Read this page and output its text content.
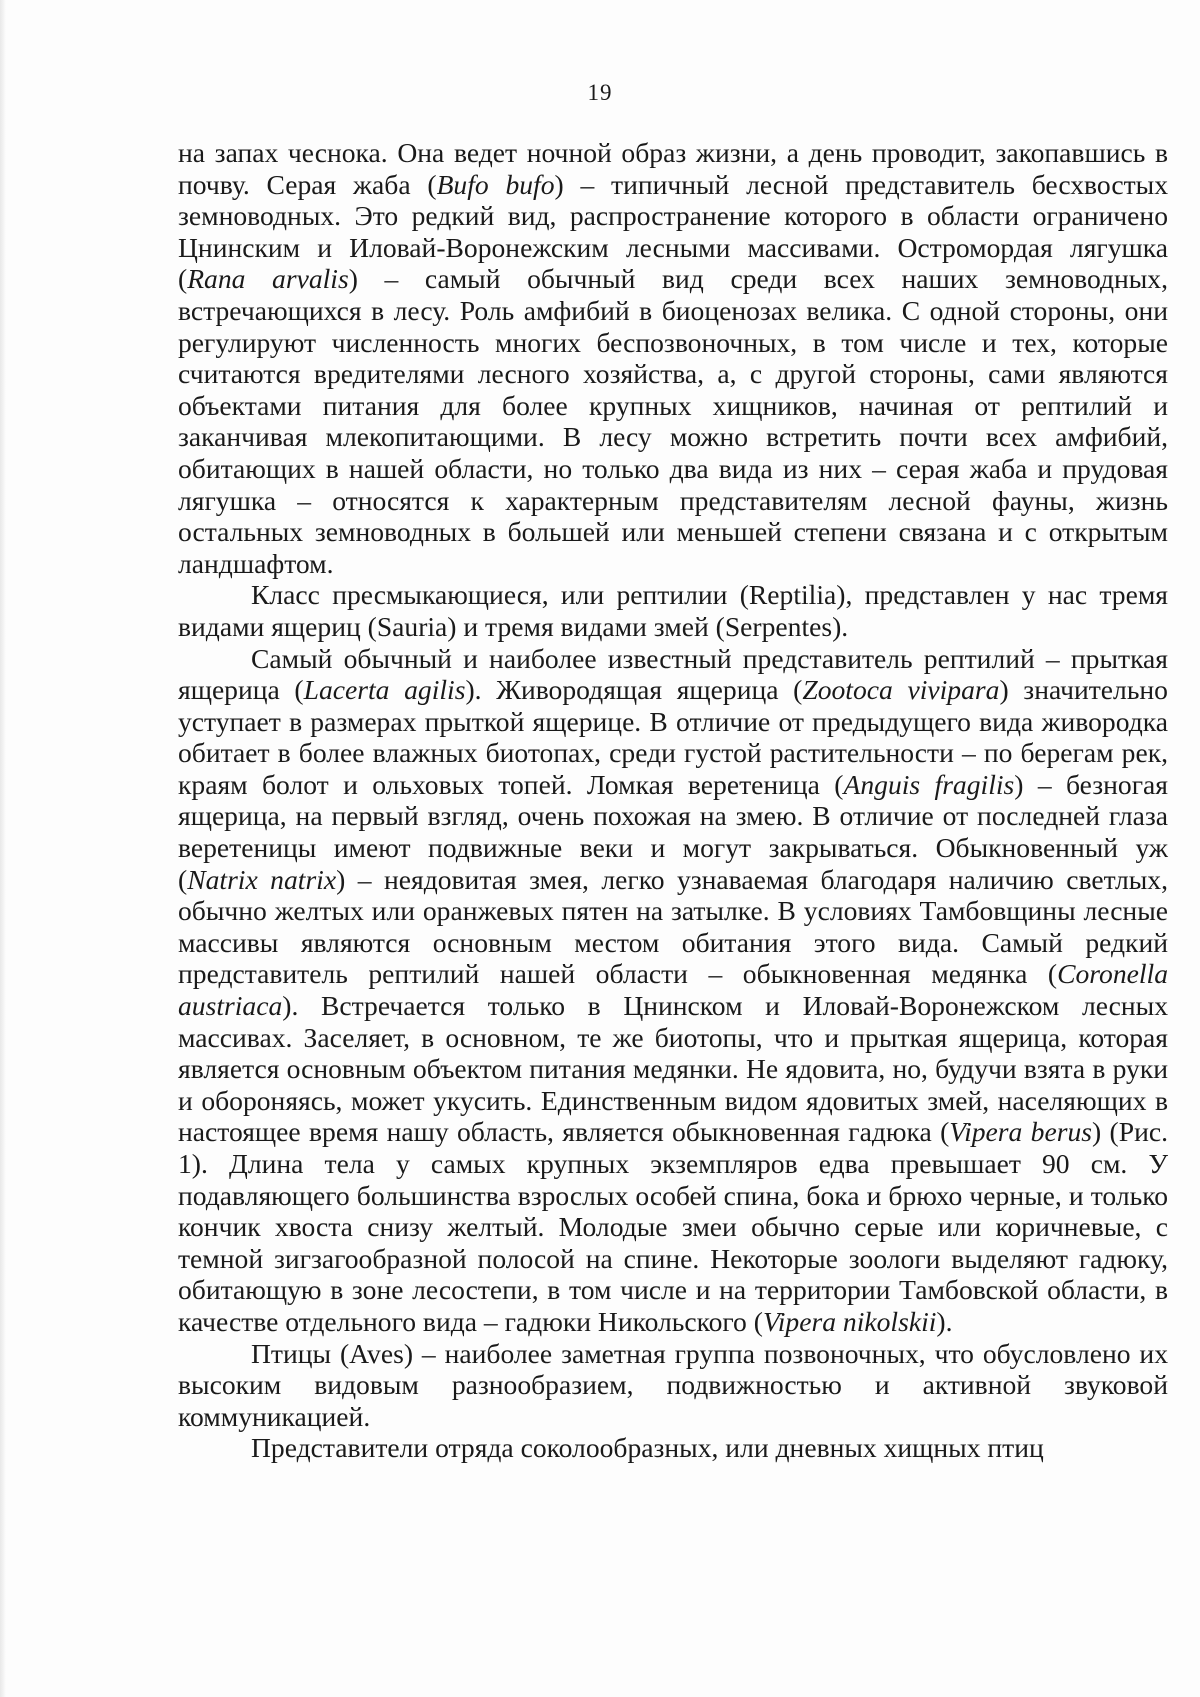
19

на запах чеснока. Она ведет ночной образ жизни, а день проводит, закопавшись в почву. Серая жаба (Bufo bufo) – типичный лесной представитель бесхвостых земноводных. Это редкий вид, распространение которого в области ограничено Цнинским и Иловай-Воронежским лесными массивами. Остромордая лягушка (Rana arvalis) – самый обычный вид среди всех наших земноводных, встречающихся в лесу. Роль амфибий в биоценозах велика. С одной стороны, они регулируют численность многих беспозвоночных, в том числе и тех, которые считаются вредителями лесного хозяйства, а, с другой стороны, сами являются объектами питания для более крупных хищников, начиная от рептилий и заканчивая млекопитающими. В лесу можно встретить почти всех амфибий, обитающих в нашей области, но только два вида из них – серая жаба и прудовая лягушка – относятся к характерным представителям лесной фауны, жизнь остальных земноводных в большей или меньшей степени связана и с открытым ландшафтом.

Класс пресмыкающиеся, или рептилии (Reptilia), представлен у нас тремя видами ящериц (Sauria) и тремя видами змей (Serpentes).

Самый обычный и наиболее известный представитель рептилий – прыткая ящерица (Lacerta agilis). Живородящая ящерица (Zootoca vivipara) значительно уступает в размерах прыткой ящерице. В отличие от предыдущего вида живородка обитает в более влажных биотопах, среди густой растительности – по берегам рек, краям болот и ольховых топей. Ломкая веретеница (Anguis fragilis) – безногая ящерица, на первый взгляд, очень похожая на змею. В отличие от последней глаза веретеницы имеют подвижные веки и могут закрываться. Обыкновенный уж (Natrix natrix) – неядовитая змея, легко узнаваемая благодаря наличию светлых, обычно желтых или оранжевых пятен на затылке. В условиях Тамбовщины лесные массивы являются основным местом обитания этого вида. Самый редкий представитель рептилий нашей области – обыкновенная медянка (Coronella austriaca). Встречается только в Цнинском и Иловай-Воронежском лесных массивах. Заселяет, в основном, те же биотопы, что и прыткая ящерица, которая является основным объектом питания медянки. Не ядовита, но, будучи взята в руки и обороняясь, может укусить. Единственным видом ядовитых змей, населяющих в настоящее время нашу область, является обыкновенная гадюка (Vipera berus) (Рис. 1). Длина тела у самых крупных экземпляров едва превышает 90 см. У подавляющего большинства взрослых особей спина, бока и брюхо черные, и только кончик хвоста снизу желтый. Молодые змеи обычно серые или коричневые, с темной зигзагообразной полосой на спине. Некоторые зоологи выделяют гадюку, обитающую в зоне лесостепи, в том числе и на территории Тамбовской области, в качестве отдельного вида – гадюки Никольского (Vipera nikolskii).

Птицы (Aves) – наиболее заметная группа позвоночных, что обусловлено их высоким видовым разнообразием, подвижностью и активной звуковой коммуникацией.

Представители отряда соколообразных, или дневных хищных птиц
